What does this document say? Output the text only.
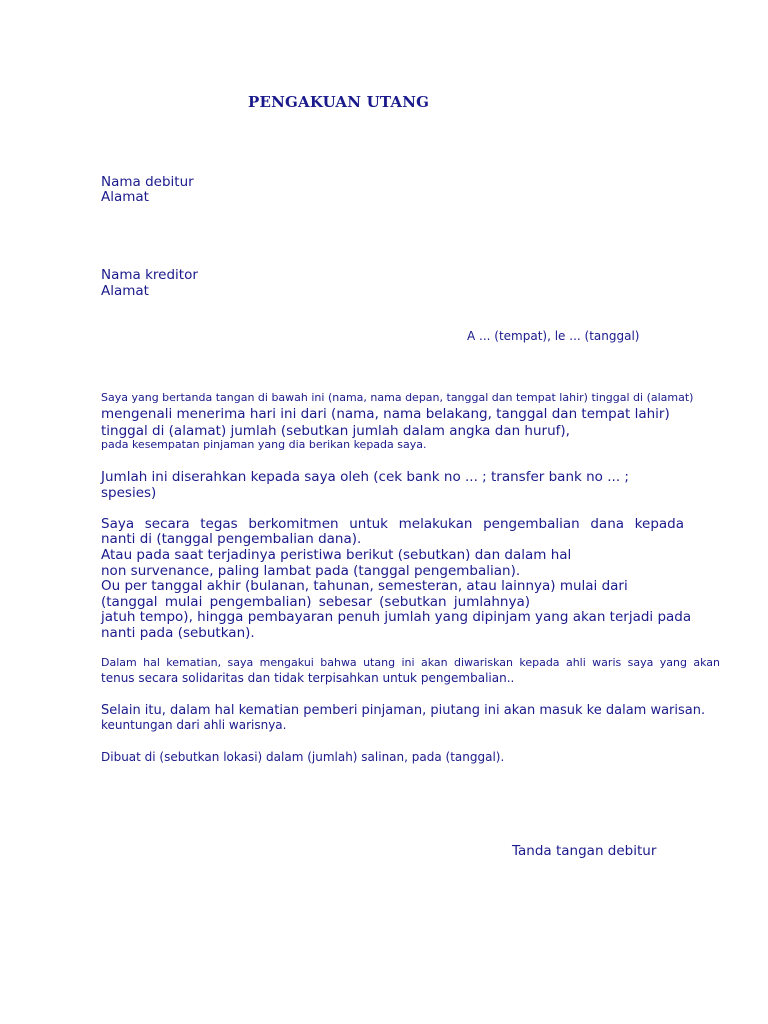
PENGAKUAN UTANG
Nama debitur
Alamat
Nama kreditor
Alamat
A ... (tempat), le ... (tanggal)
Saya yang bertanda tangan di bawah ini (nama, nama depan, tanggal dan tempat lahir) tinggal di (alamat)
mengenali menerima hari ini dari (nama, nama belakang, tanggal dan tempat lahir)
tinggal di (alamat) jumlah (sebutkan jumlah dalam angka dan huruf),
pada kesempatan pinjaman yang dia berikan kepada saya.
Jumlah ini diserahkan kepada saya oleh (cek bank no ... ; transfer bank no ... ;
spesies)
Saya secara tegas berkomitmen untuk melakukan pengembalian dana kepada
nanti di (tanggal pengembalian dana).
Atau pada saat terjadinya peristiwa berikut (sebutkan) dan dalam hal
non survenance, paling lambat pada (tanggal pengembalian).
Ou per tanggal akhir (bulanan, tahunan, semesteran, atau lainnya) mulai dari
(tanggal mulai pengembalian) sebesar (sebutkan jumlahnya)
jatuh tempo), hingga pembayaran penuh jumlah yang dipinjam yang akan terjadi pada
nanti pada (sebutkan).
Dalam hal kematian, saya mengakui bahwa utang ini akan diwariskan kepada ahli waris saya yang akan
tenus secara solidaritas dan tidak terpisahkan untuk pengembalian..
Selain itu, dalam hal kematian pemberi pinjaman, piutang ini akan masuk ke dalam warisan.
keuntungan dari ahli warisnya.
Dibuat di (sebutkan lokasi) dalam (jumlah) salinan, pada (tanggal).
Tanda tangan debitur
